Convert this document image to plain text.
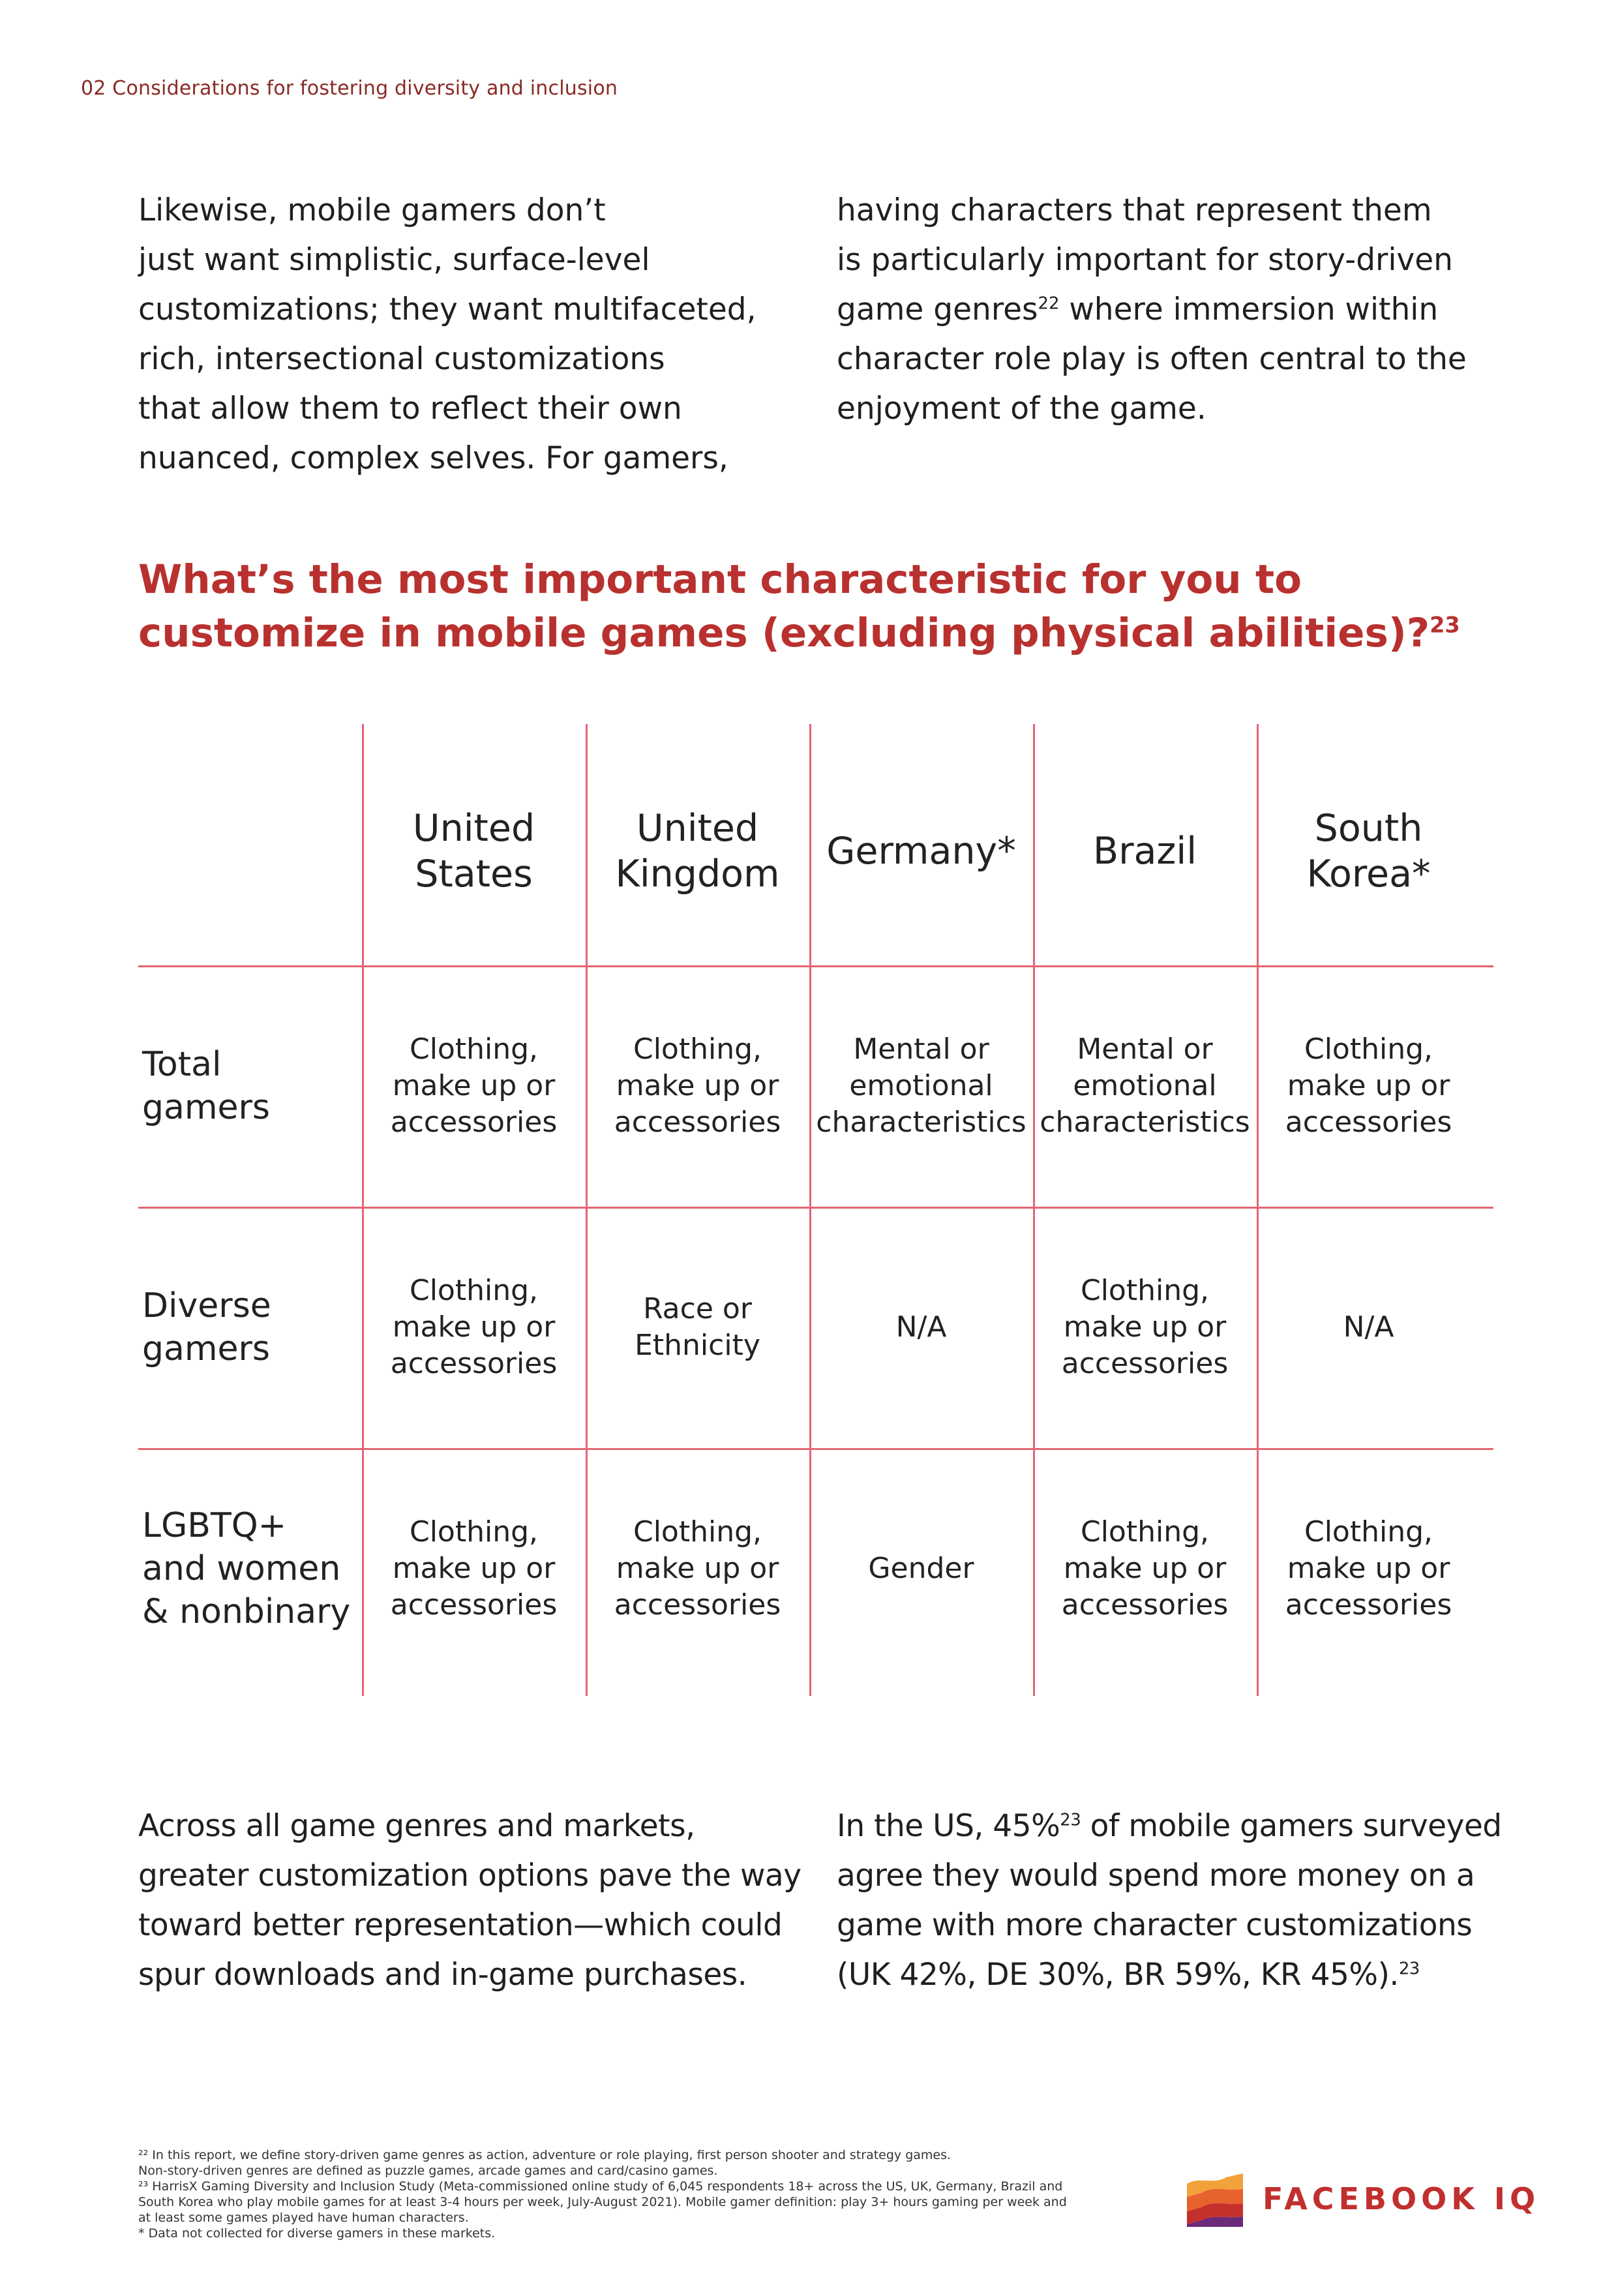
02 Considerations for fostering diversity and inclusion
Likewise, mobile gamers don’t
just want simplistic, surface-level
customizations; they want multifaceted,
rich, intersectional customizations
that allow them to reflect their own
nuanced, complex selves. For gamers,
having characters that represent them
is particularly important for story-driven
game genres$^{22}$ where immersion within
character role play is often central to the
enjoyment of the game.
What’s the most important characteristic for you to
customize in mobile games (excluding physical abilities)?$^{23}$
United
States
United
Kingdom
Germany* Brazil
South
Korea*
Total
gamers
Clothing,
make up or
accessories
Clothing,
make up or
accessories
Mental or
emotional
characteristics
Mental or
emotional
characteristics
Clothing,
make up or
accessories
Diverse
gamers
Clothing,
make up or
accessories
Race or
Ethnicity
N/A
Clothing,
make up or
accessories
N/A
LGBTQ+
and women
& nonbinary
Clothing,
make up or
accessories
Clothing,
make up or
accessories
Gender
Clothing,
make up or
accessories
Clothing,
make up or
accessories
Across all game genres and markets,
greater customization options pave the way
toward better representation—which could
spur downloads and in-game purchases.
In the US, 45%$^{23}$ of mobile gamers surveyed
agree they would spend more money on a
game with more character customizations
(UK 42%, DE 30%, BR 59%, KR 45%).$^{23}$

²² In this report, we define story-driven game genres as action, adventure or role playing, first person shooter and strategy games.

Non-story-driven genres are defined as puzzle games, arcade games and card/casino games.

²³ HarrisX Gaming Diversity and Inclusion Study (Meta-commissioned online study of 6,045 respondents 18+ across the US, UK, Germany, Brazil and

South Korea who play mobile games for at least 3-4 hours per week, July-August 2021). Mobile gamer definition: play 3+ hours gaming per week and

at least some games played have human characters.

* Data not collected for diverse gamers in these markets.

FACEBOOK IQ
